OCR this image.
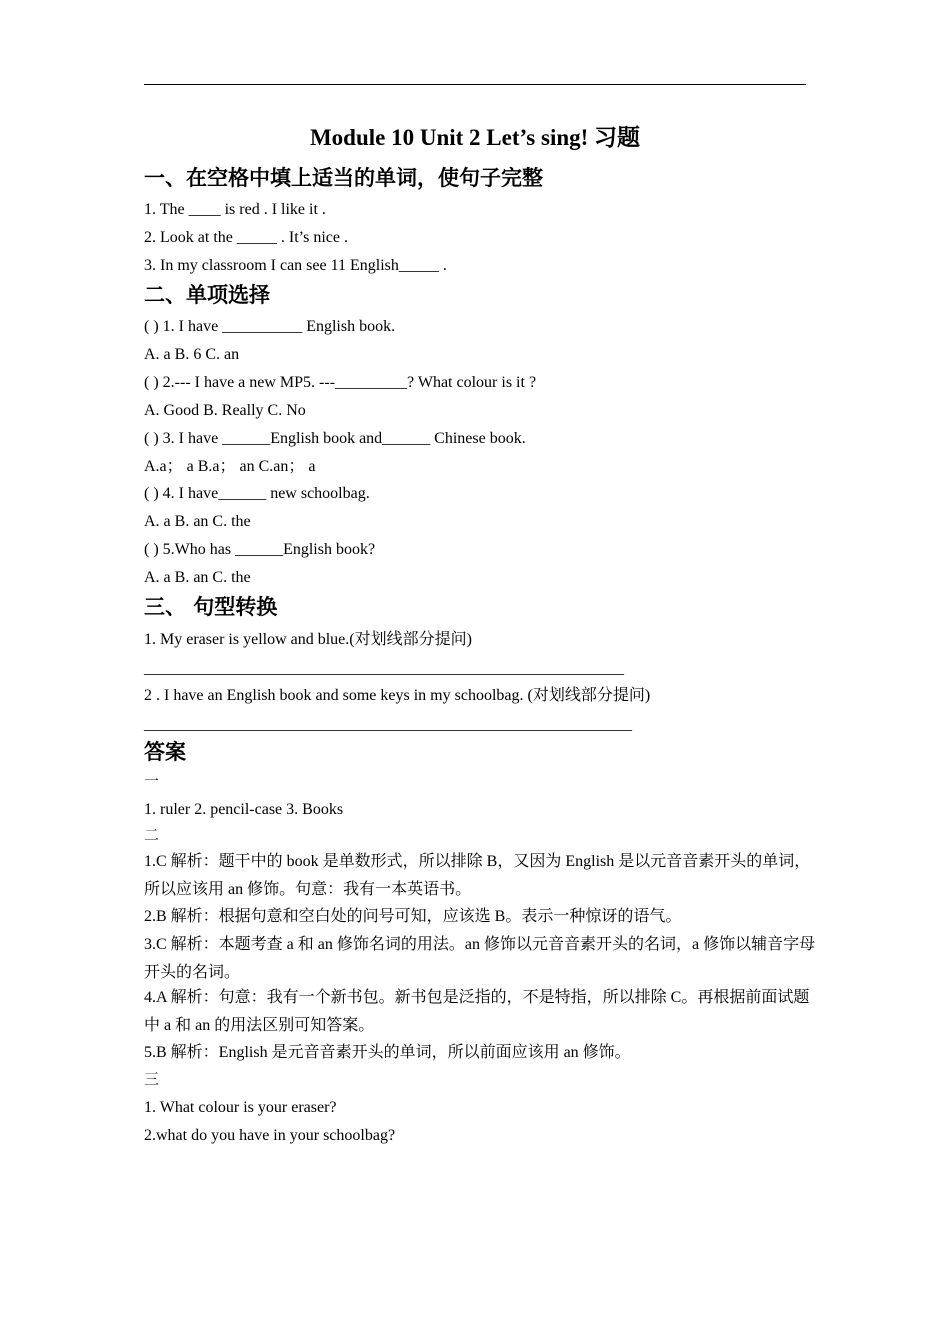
Module 10 Unit 2 Let’s sing! 习题
一、在空格中填上适当的单词，使句子完整
1. The ____ is red . I like it .
2. Look at the _____ . It’s nice .
3. In my classroom I can see 11 English_____ .
二、单项选择
( ) 1. I have __________ English book.
A. a B. 6 C. an
( ) 2.--- I have a new MP5. ---_________? What colour is it ?
A. Good B. Really C. No
( ) 3. I have ______English book and______ Chinese book.
A.a； a B.a； an C.an； a
( ) 4. I have______ new schoolbag.
A. a B. an C. the
( ) 5.Who has ______English book?
A. a B. an C. the
三、 句型转换
1. My eraser is yellow and blue.(对划线部分提问)
____________________________________________________________
2 . I have an English book and some keys in my schoolbag. (对划线部分提问)
_____________________________________________________________
答案
一
1. ruler 2. pencil-case 3. Books
二
1.C 解析：题干中的 book 是单数形式，所以排除 B，又因为 English 是以元音音素开头的单词，所以应该用 an 修饰。句意：我有一本英语书。
2.B 解析：根据句意和空白处的问号可知，应该选 B。表示一种惊讶的语气。
3.C 解析：本题考查 a 和 an 修饰名词的用法。an 修饰以元音音素开头的名词，a 修饰以辅音字母开头的名词。
4.A 解析：句意：我有一个新书包。新书包是泛指的，不是特指，所以排除 C。再根据前面试题中 a 和 an 的用法区别可知答案。
5.B 解析：English 是元音音素开头的单词，所以前面应该用 an 修饰。
三
1. What colour is your eraser?
2.what do you have in your schoolbag?
